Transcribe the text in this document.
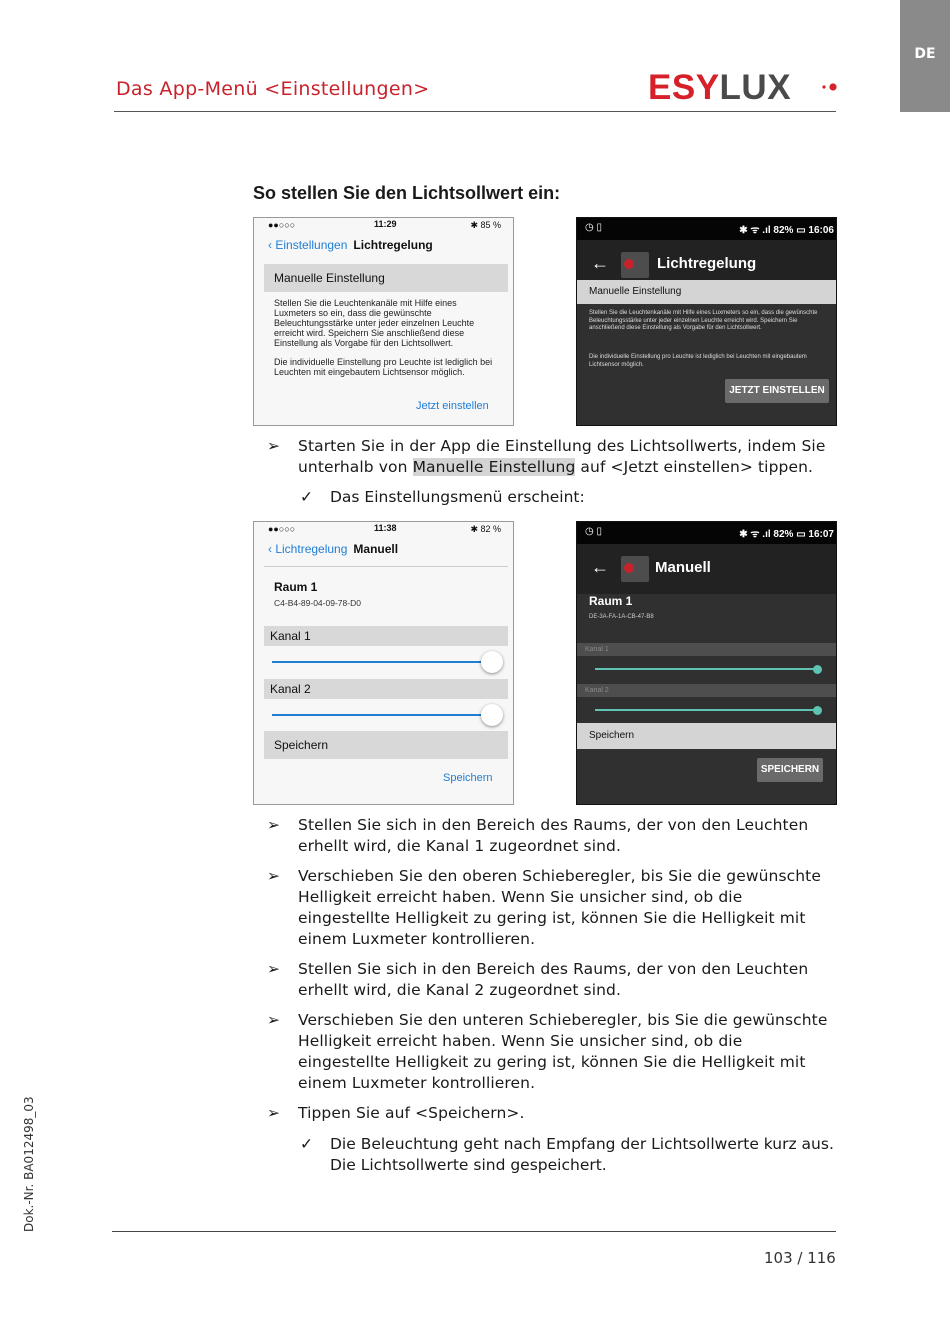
DE
Das App-Menü <Einstellungen>	ESYLUX
So stellen Sie den Lichtsollwert ein:
●●○○○	11:29	✱ 85 %
‹ Einstellungen Lichtregelung
Manuelle Einstellung
Stellen Sie die Leuchtenkanäle mit Hilfe eines Luxmeters so ein, dass die gewünschte Beleuchtungsstärke unter jeder einzelnen Leuchte erreicht wird. Speichern Sie anschließend diese Einstellung als Vorgabe für den Lichtsollwert.
Die individuelle Einstellung pro Leuchte ist lediglich bei Leuchten mit eingebautem Lichtsensor möglich.
Jetzt einstellen
◷ ▯	✱ ᯤ .ıl 82% ▭ 16:06
←	Lichtregelung
Manuelle Einstellung
Stellen Sie die Leuchtenkanäle mit Hilfe eines Luxmeters so ein, dass die gewünschte Beleuchtungsstärke unter jeder einzelnen Leuchte erreicht wird. Speichern Sie anschließend diese Einstellung als Vorgabe für den Lichtsollwert.
Die individuelle Einstellung pro Leuchte ist lediglich bei Leuchten mit eingebautem Lichtsensor möglich.
JETZT EINSTELLEN
➢	Starten Sie in der App die Einstellung des Lichtsollwerts, indem Sie unterhalb von Manuelle Einstellung auf <Jetzt einstellen> tippen.
✓ Das Einstellungsmenü erscheint:
●●○○○	11:38	✱ 82 %
‹ Lichtregelung Manuell
Raum 1
C4-B4-89-04-09-78-D0
Kanal 1
Kanal 2
Speichern
Speichern
◷ ▯	✱ ᯤ .ıl 82% ▭ 16:07
←	Manuell
Raum 1
DE-3A-FA-1A-CB-47-B8
Kanal 1
Kanal 2
Speichern
SPEICHERN
➢	Stellen Sie sich in den Bereich des Raums, der von den Leuchten erhellt wird, die Kanal 1 zugeordnet sind.
➢	Verschieben Sie den oberen Schieberegler, bis Sie die gewünschte Helligkeit erreicht haben. Wenn Sie unsicher sind, ob die eingestellte Helligkeit zu gering ist, können Sie die Helligkeit mit einem Luxmeter kontrollieren.
➢	Stellen Sie sich in den Bereich des Raums, der von den Leuchten erhellt wird, die Kanal 2 zugeordnet sind.
➢	Verschieben Sie den unteren Schieberegler, bis Sie die gewünschte Helligkeit erreicht haben. Wenn Sie unsicher sind, ob die eingestellte Helligkeit zu gering ist, können Sie die Helligkeit mit einem Luxmeter kontrollieren.
➢	Tippen Sie auf <Speichern>.
✓ Die Beleuchtung geht nach Empfang der Lichtsollwerte kurz aus. Die Lichtsollwerte sind gespeichert.
103 / 116
Dok.-Nr. BA012498_03
